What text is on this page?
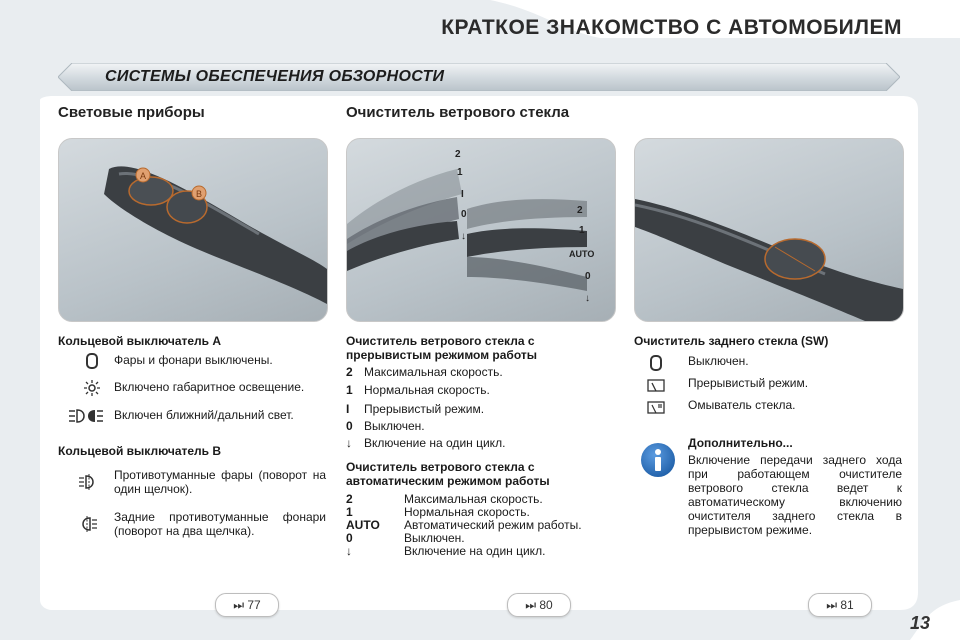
КРАТКОЕ ЗНАКОМСТВО С АВТОМОБИЛЕМ
СИСТЕМЫ ОБЕСПЕЧЕНИЯ ОБЗОРНОСТИ
Световые приборы
A
B
Кольцевой выключатель А
Фары и фонари выключены.
Включено габаритное освещение.
Включен ближний/дальний свет.
Кольцевой выключатель В
Противотуманные фары (поворот на один щелчок).
Задние противотуманные фонари (поворот на два щелчка).
Очиститель ветрового стекла
2
1
I
0
↓
2
1
AUTO
0
↓
Очиститель ветрового стекла с прерывистым режимом работы
2 Максимальная скорость.
1 Нормальная скорость.
I Прерывистый режим.
0 Выключен.
↓ Включение на один цикл.
Очиститель ветрового стекла с автоматическим режимом работы
2	Максимальная скорость.
1	Нормальная скорость.
AUTO Автоматический режим работы.
0	Выключен.
↓	Включение на один цикл.
Очиститель заднего стекла (SW)
Выключен.
Прерывистый режим.
Омыватель стекла.
Дополнительно...
Включение передачи заднего хода при работающем очистителе ветрового стекла ведет к автоматическому включению очистителя заднего стекла в прерывистом режиме.
⏭ 77	⏭ 80	⏭ 81
13
